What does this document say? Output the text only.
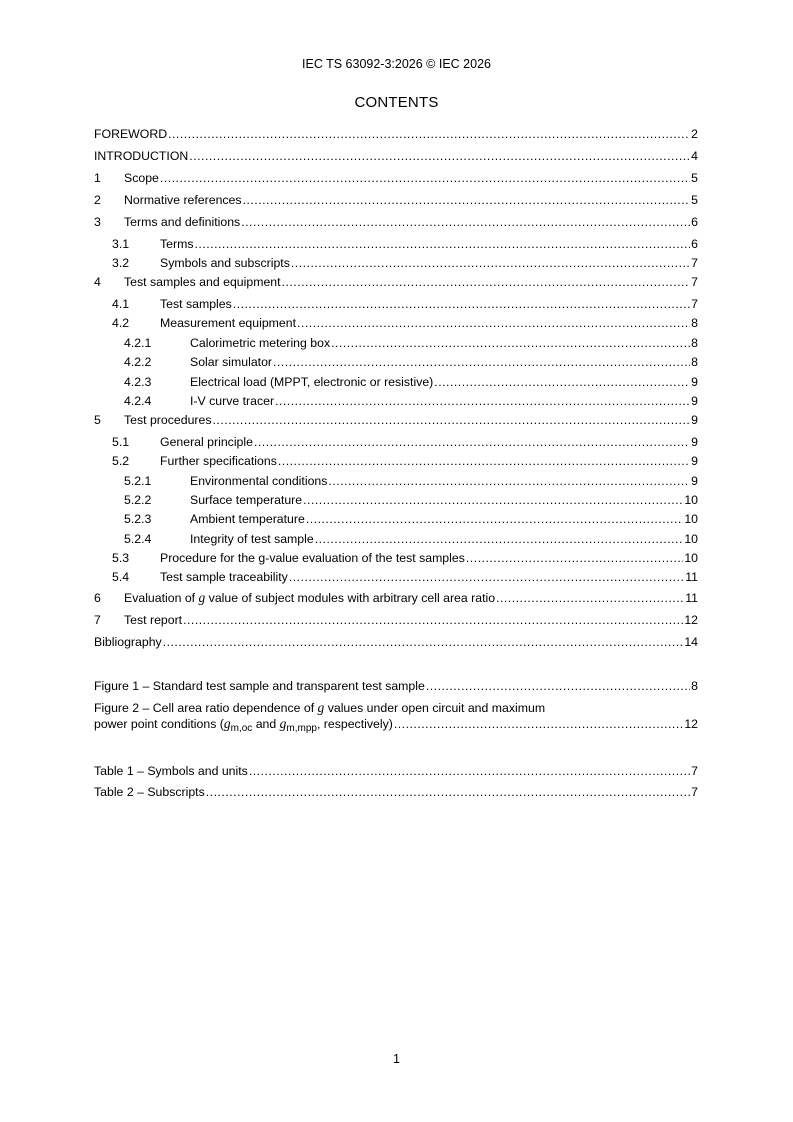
IEC TS 63092-3:2026 © IEC 2026
CONTENTS
FOREWORD .....	2
INTRODUCTION .....	4
1	Scope .....	5
2	Normative references .....	5
3	Terms and definitions .....	6
3.1	Terms .....	6
3.2	Symbols and subscripts .....	7
4	Test samples and equipment .....	7
4.1	Test samples .....	7
4.2	Measurement equipment .....	8
4.2.1	Calorimetric metering box .....	8
4.2.2	Solar simulator .....	8
4.2.3	Electrical load (MPPT, electronic or resistive) .....	9
4.2.4	I-V curve tracer .....	9
5	Test procedures .....	9
5.1	General principle .....	9
5.2	Further specifications .....	9
5.2.1	Environmental conditions .....	9
5.2.2	Surface temperature .....	10
5.2.3	Ambient temperature .....	10
5.2.4	Integrity of test sample .....	10
5.3	Procedure for the g-value evaluation of the test samples .....	10
5.4	Test sample traceability .....	11
6	Evaluation of g value of subject modules with arbitrary cell area ratio .....	11
7	Test report .....	12
Bibliography .....	14
Figure 1 – Standard test sample and transparent test sample .....	8
Figure 2 – Cell area ratio dependence of g values under open circuit and maximum
power point conditions ($g_{m,oc}$ and $g_{m,mpp}$, respectively) .....	12
Table 1 – Symbols and units .....	7
Table 2 – Subscripts .....	7
1
